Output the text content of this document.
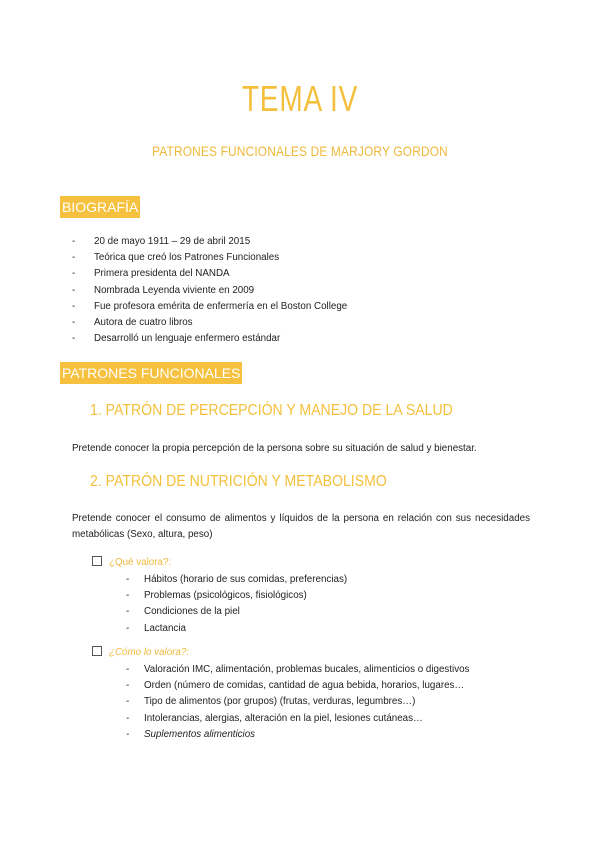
TEMA IV
PATRONES FUNCIONALES DE MARJORY GORDON
BIOGRAFÍA
- 20 de mayo 1911 – 29 de abril 2015
- Teórica que creó los Patrones Funcionales
- Primera presidenta del NANDA
- Nombrada Leyenda viviente en 2009
- Fue profesora emérita de enfermería en el Boston College
- Autora de cuatro libros
- Desarrolló un lenguaje enfermero estándar
PATRONES FUNCIONALES
1. PATRÓN DE PERCEPCIÓN Y MANEJO DE LA SALUD
Pretende conocer la propia percepción de la persona sobre su situación de salud y bienestar.
2. PATRÓN DE NUTRICIÓN Y METABOLISMO
Pretende conocer el consumo de alimentos y líquidos de la persona en relación con sus necesidades metabólicas (Sexo, altura, peso)
¿Qué valora?:
- Hábitos (horario de sus comidas, preferencias)
- Problemas (psicológicos, fisiológicos)
- Condiciones de la piel
- Lactancia
¿Cómo lo valora?:
- Valoración IMC, alimentación, problemas bucales, alimenticios o digestivos
- Orden (número de comidas, cantidad de agua bebida, horarios, lugares…
- Tipo de alimentos (por grupos) (frutas, verduras, legumbres…)
- Intolerancias, alergias, alteración en la piel, lesiones cutáneas…
- Suplementos alimenticios
